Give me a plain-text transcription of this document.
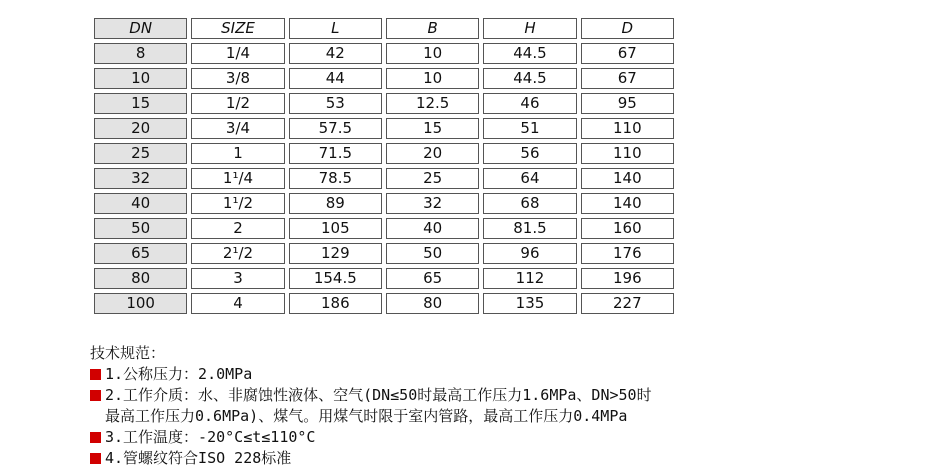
DN	SIZE	L	B	H	D
8	1/4	42	10	44.5	67
10	3/8	44	10	44.5	67
15	1/2	53	12.5	46	95
20	3/4	57.5	15	51	110
25	1	71.5	20	56	110
32	1¹/4	78.5	25	64	140
40	1¹/2	89	32	68	140
50	2	105	40	81.5	160
65	2¹/2	129	50	96	176
80	3	154.5	65	112	196
100	4	186	80	135	227
技术规范：
1.公称压力：2.0MPa
2.工作介质：水、非腐蚀性液体、空气(DN≤50时最高工作压力1.6MPa、DN>50时
最高工作压力0.6MPa)、煤气。用煤气时限于室内管路，最高工作压力0.4MPa
3.工作温度：-20°C≤t≤110°C
4.管螺纹符合ISO 228标准
